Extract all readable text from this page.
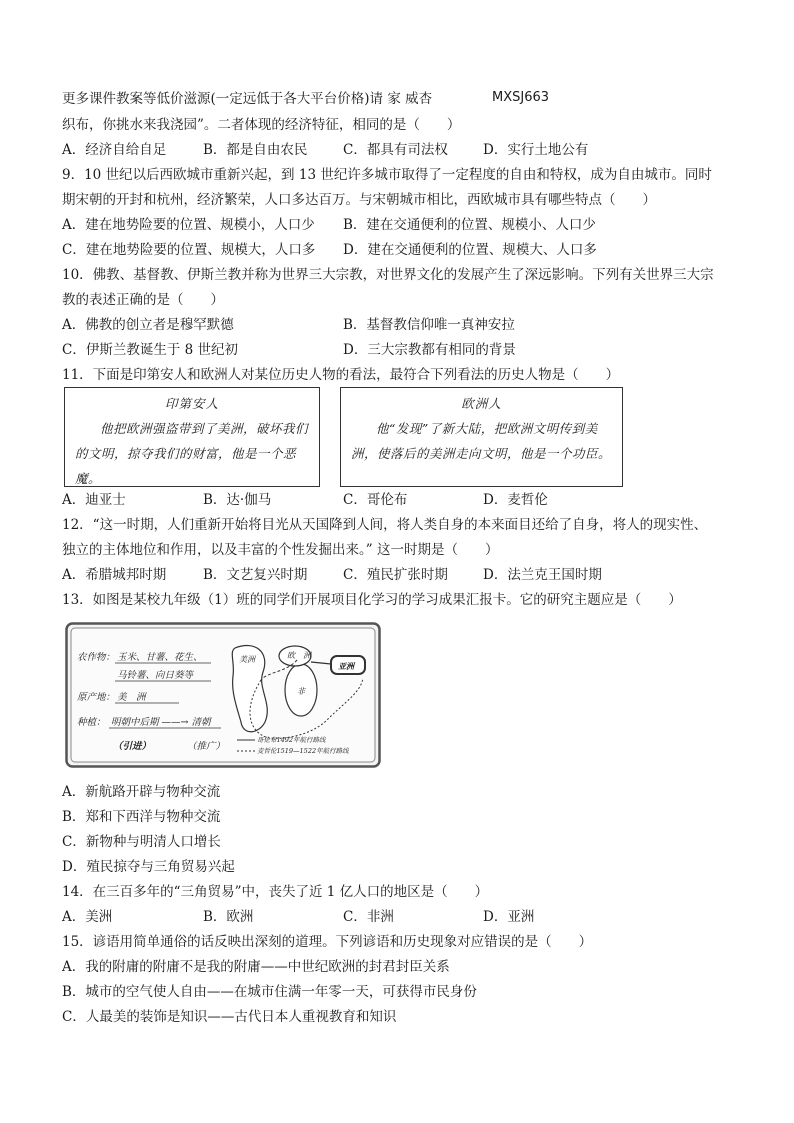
更多课件教案等低价滋源(一定远低于各大平台价格)请 家 威杏	MXSJ663
织布，你挑水来我浇园”。二者体现的经济特征，相同的是（　　）
A．经济自给自足	B．都是自由农民	C．都具有司法权	D．实行土地公有
9．10 世纪以后西欧城市重新兴起，到 13 世纪许多城市取得了一定程度的自由和特权，成为自由城市。同时
期宋朝的开封和杭州，经济繁荣，人口多达百万。与宋朝城市相比，西欧城市具有哪些特点（　　）
A．建在地势险要的位置、规模小，人口少 B．建在交通便利的位置、规模小、人口少
C．建在地势险要的位置、规模大，人口多 D．建在交通便利的位置、规模大、人口多
10．佛教、基督教、伊斯兰教并称为世界三大宗教，对世界文化的发展产生了深远影响。下列有关世界三大宗
教的表述正确的是（　　）
A．佛教的创立者是穆罕默德	B．基督教信仰唯一真神安拉
C．伊斯兰教诞生于 8 世纪初	D．三大宗教都有相同的背景
11．下面是印第安人和欧洲人对某位历史人物的看法，最符合下列看法的历史人物是（　　）
印第安人
他把欧洲强盗带到了美洲，破坏我们的文明，掠夺我们的财富，他是一个恶魔。
欧洲人
他“发现”了新大陆，把欧洲文明传到美洲，使落后的美洲走向文明，他是一个功臣。
A．迪亚士	B．达·伽马	C．哥伦布	D．麦哲伦
12．“这一时期，人们重新开始将目光从天国降到人间，将人类自身的本来面目还给了自身，将人的现实性、
独立的主体地位和作用，以及丰富的个性发掘出来。” 这一时期是（　　）
A．希腊城邦时期	B．文艺复兴时期	C．殖民扩张时期	D．法兰克王国时期
13．如图是某校九年级（1）班的同学们开展项目化学习的学习成果汇报卡。它的研究主题应是（　　）
农作物： 玉米、甘薯、花生、
马铃薯、向日葵等
原产地： 美　洲
种植： 明朝中后期 ——→ 清朝
（引进）	（推广）
欧　洲
亚洲
美洲
非
哥伦布1492年航行路线
麦哲伦1519—1522年航行路线
A．新航路开辟与物种交流
B．郑和下西洋与物种交流
C．新物种与明清人口增长
D．殖民掠夺与三角贸易兴起
14．在三百多年的“三角贸易”中，丧失了近 1 亿人口的地区是（　　）
A．美洲	B．欧洲	C．非洲	D．亚洲
15．谚语用简单通俗的话反映出深刻的道理。下列谚语和历史现象对应错误的是（　　）
A．我的附庸的附庸不是我的附庸——中世纪欧洲的封君封臣关系
B．城市的空气使人自由——在城市住满一年零一天，可获得市民身份
C．人最美的装饰是知识——古代日本人重视教育和知识
